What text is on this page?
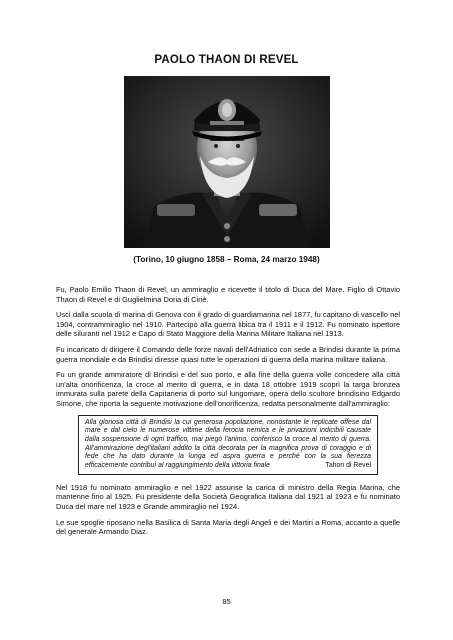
PAOLO THAON DI REVEL
(Torino, 10 giugno 1858 – Roma, 24 marzo 1948)

Fu, Paolo Emilio Thaon di Revel, un ammiraglio e ricevette il titolo di Duca del Mare. Figlio di Ottavio Thaon di Revel e di Guglielmina Doria di Ciriè.

Uscì dalla scuola di marina di Genova con il grado di guardiamarina nel 1877, fu capitano di vascello nel 1904, contrammiraglio nel 1910. Partecipò alla guerra libica tra il 1911 e il 1912. Fu nominato ispettore delle siluranti nel 1912 e Capo di Stato Maggiore della Marina Militare Italiana nel 1913.

Fu incaricato di dirigere il Comando delle forze navali dell'Adriatico con sede a Brindisi durante la prima guerra mondiale e da Brindisi diresse quasi tutte le operazioni di guerra della marina militare italiana.

Fu un grande ammiratore di Brindisi e del suo porto, e alla fine della guerra volle concedere alla città un'alta onorificenza, la croce al merito di guerra, e in data 18 ottobre 1919 scoprì la targa bronzea immurata sulla parete della Capitaneria di porto sul lungomare, opera dello scultore brindisino Edgardo Simone, che riporta la seguente motivazione dell'onorificenza, redatta personalmente dall'ammiraglio:

Alla gloriosa città di Brindisi la cui generosa popolazione, nonostante le replicate offese dal mare e dal cielo le numerose vittime della ferocia nemica e le privazioni indicibili causate dalla sospensione di ogni traffico, mai piegò l'animo, conferisco la croce al merito di guerra. All'ammirazione degl'italiani addito la città decorata per la magnifica prova di coraggio e di fede che ha dato durante la lunga ed aspra guerra e perché con la sua fierezza efficacemente contribuì al raggiungimento della vittoria finale	Tahon di Revel

Nel 1918 fu nominato ammiraglio e nel 1922 assunse la carica di ministro della Regia Marina, che mantenne fino al 1925. Fu presidente della Società Geografica Italiana dal 1921 al 1923 e fu nominato Duca del mare nel 1923 e Grande ammiraglio nel 1924.

Le sue spoglie riposano nella Basilica di Santa Maria degli Angeli e dei Martiri a Roma, accanto a quelle del generale Armando Diaz.

85
